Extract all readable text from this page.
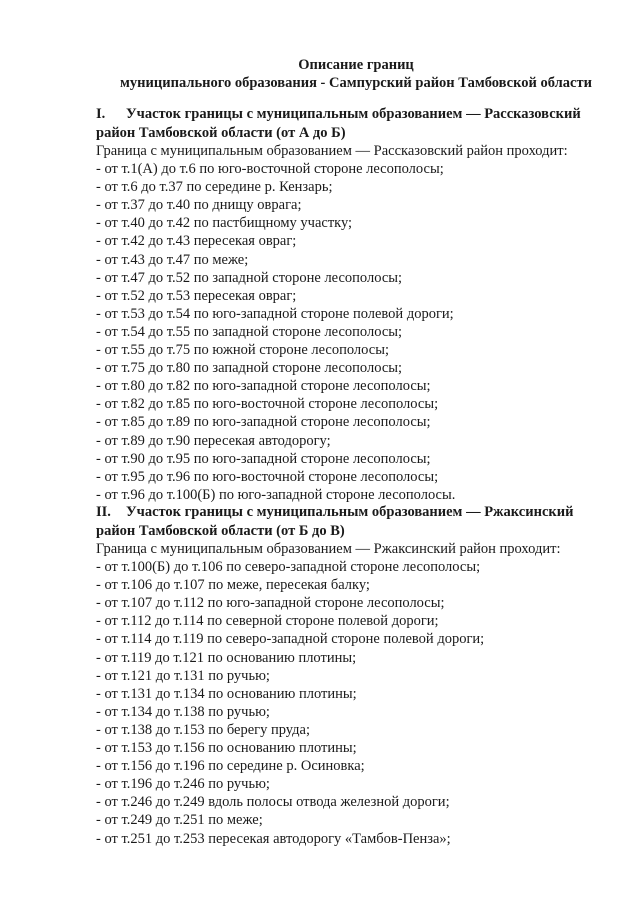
Описание границ
муниципального образования - Сампурский район Тамбовской области

I. Участок границы с муниципальным образованием — Рассказовский
район Тамбовской области (от А до Б)

Граница с муниципальным образованием — Рассказовский район проходит:
- от т.1(А) до т.6 по юго-восточной стороне лесополосы;
- от т.6 до т.37 по середине р. Кензарь;
- от т.37 до т.40 по днищу оврага;
- от т.40 до т.42 по пастбищному участку;
- от т.42 до т.43 пересекая овраг;
- от т.43 до т.47 по меже;
- от т.47 до т.52 по западной стороне лесополосы;
- от т.52 до т.53 пересекая овраг;
- от т.53 до т.54 по юго-западной стороне полевой дороги;
- от т.54 до т.55 по западной стороне лесополосы;
- от т.55 до т.75 по южной стороне лесополосы;
- от т.75 до т.80 по западной стороне лесополосы;
- от т.80 до т.82 по юго-западной стороне лесополосы;
- от т.82 до т.85 по юго-восточной стороне лесополосы;
- от т.85 до т.89 по юго-западной стороне лесополосы;
- от т.89 до т.90 пересекая автодорогу;
- от т.90 до т.95 по юго-западной стороне лесополосы;
- от т.95 до т.96 по юго-восточной стороне лесополосы;
- от т.96 до т.100(Б) по юго-западной стороне лесополосы.

II. Участок границы с муниципальным образованием — Ржаксинский
район Тамбовской области (от Б до В)

Граница с муниципальным образованием — Ржаксинский район проходит:
- от т.100(Б) до т.106 по северо-западной стороне лесополосы;
- от т.106 до т.107 по меже, пересекая балку;
- от т.107 до т.112 по юго-западной стороне лесополосы;
- от т.112 до т.114 по северной стороне полевой дороги;
- от т.114 до т.119 по северо-западной стороне полевой дороги;
- от т.119 до т.121 по основанию плотины;
- от т.121 до т.131 по ручью;
- от т.131 до т.134 по основанию плотины;
- от т.134 до т.138 по ручью;
- от т.138 до т.153 по берегу пруда;
- от т.153 до т.156 по основанию плотины;
- от т.156 до т.196 по середине р. Осиновка;
- от т.196 до т.246 по ручью;
- от т.246 до т.249 вдоль полосы отвода железной дороги;
- от т.249 до т.251 по меже;
- от т.251 до т.253 пересекая автодорогу «Тамбов-Пенза»;
